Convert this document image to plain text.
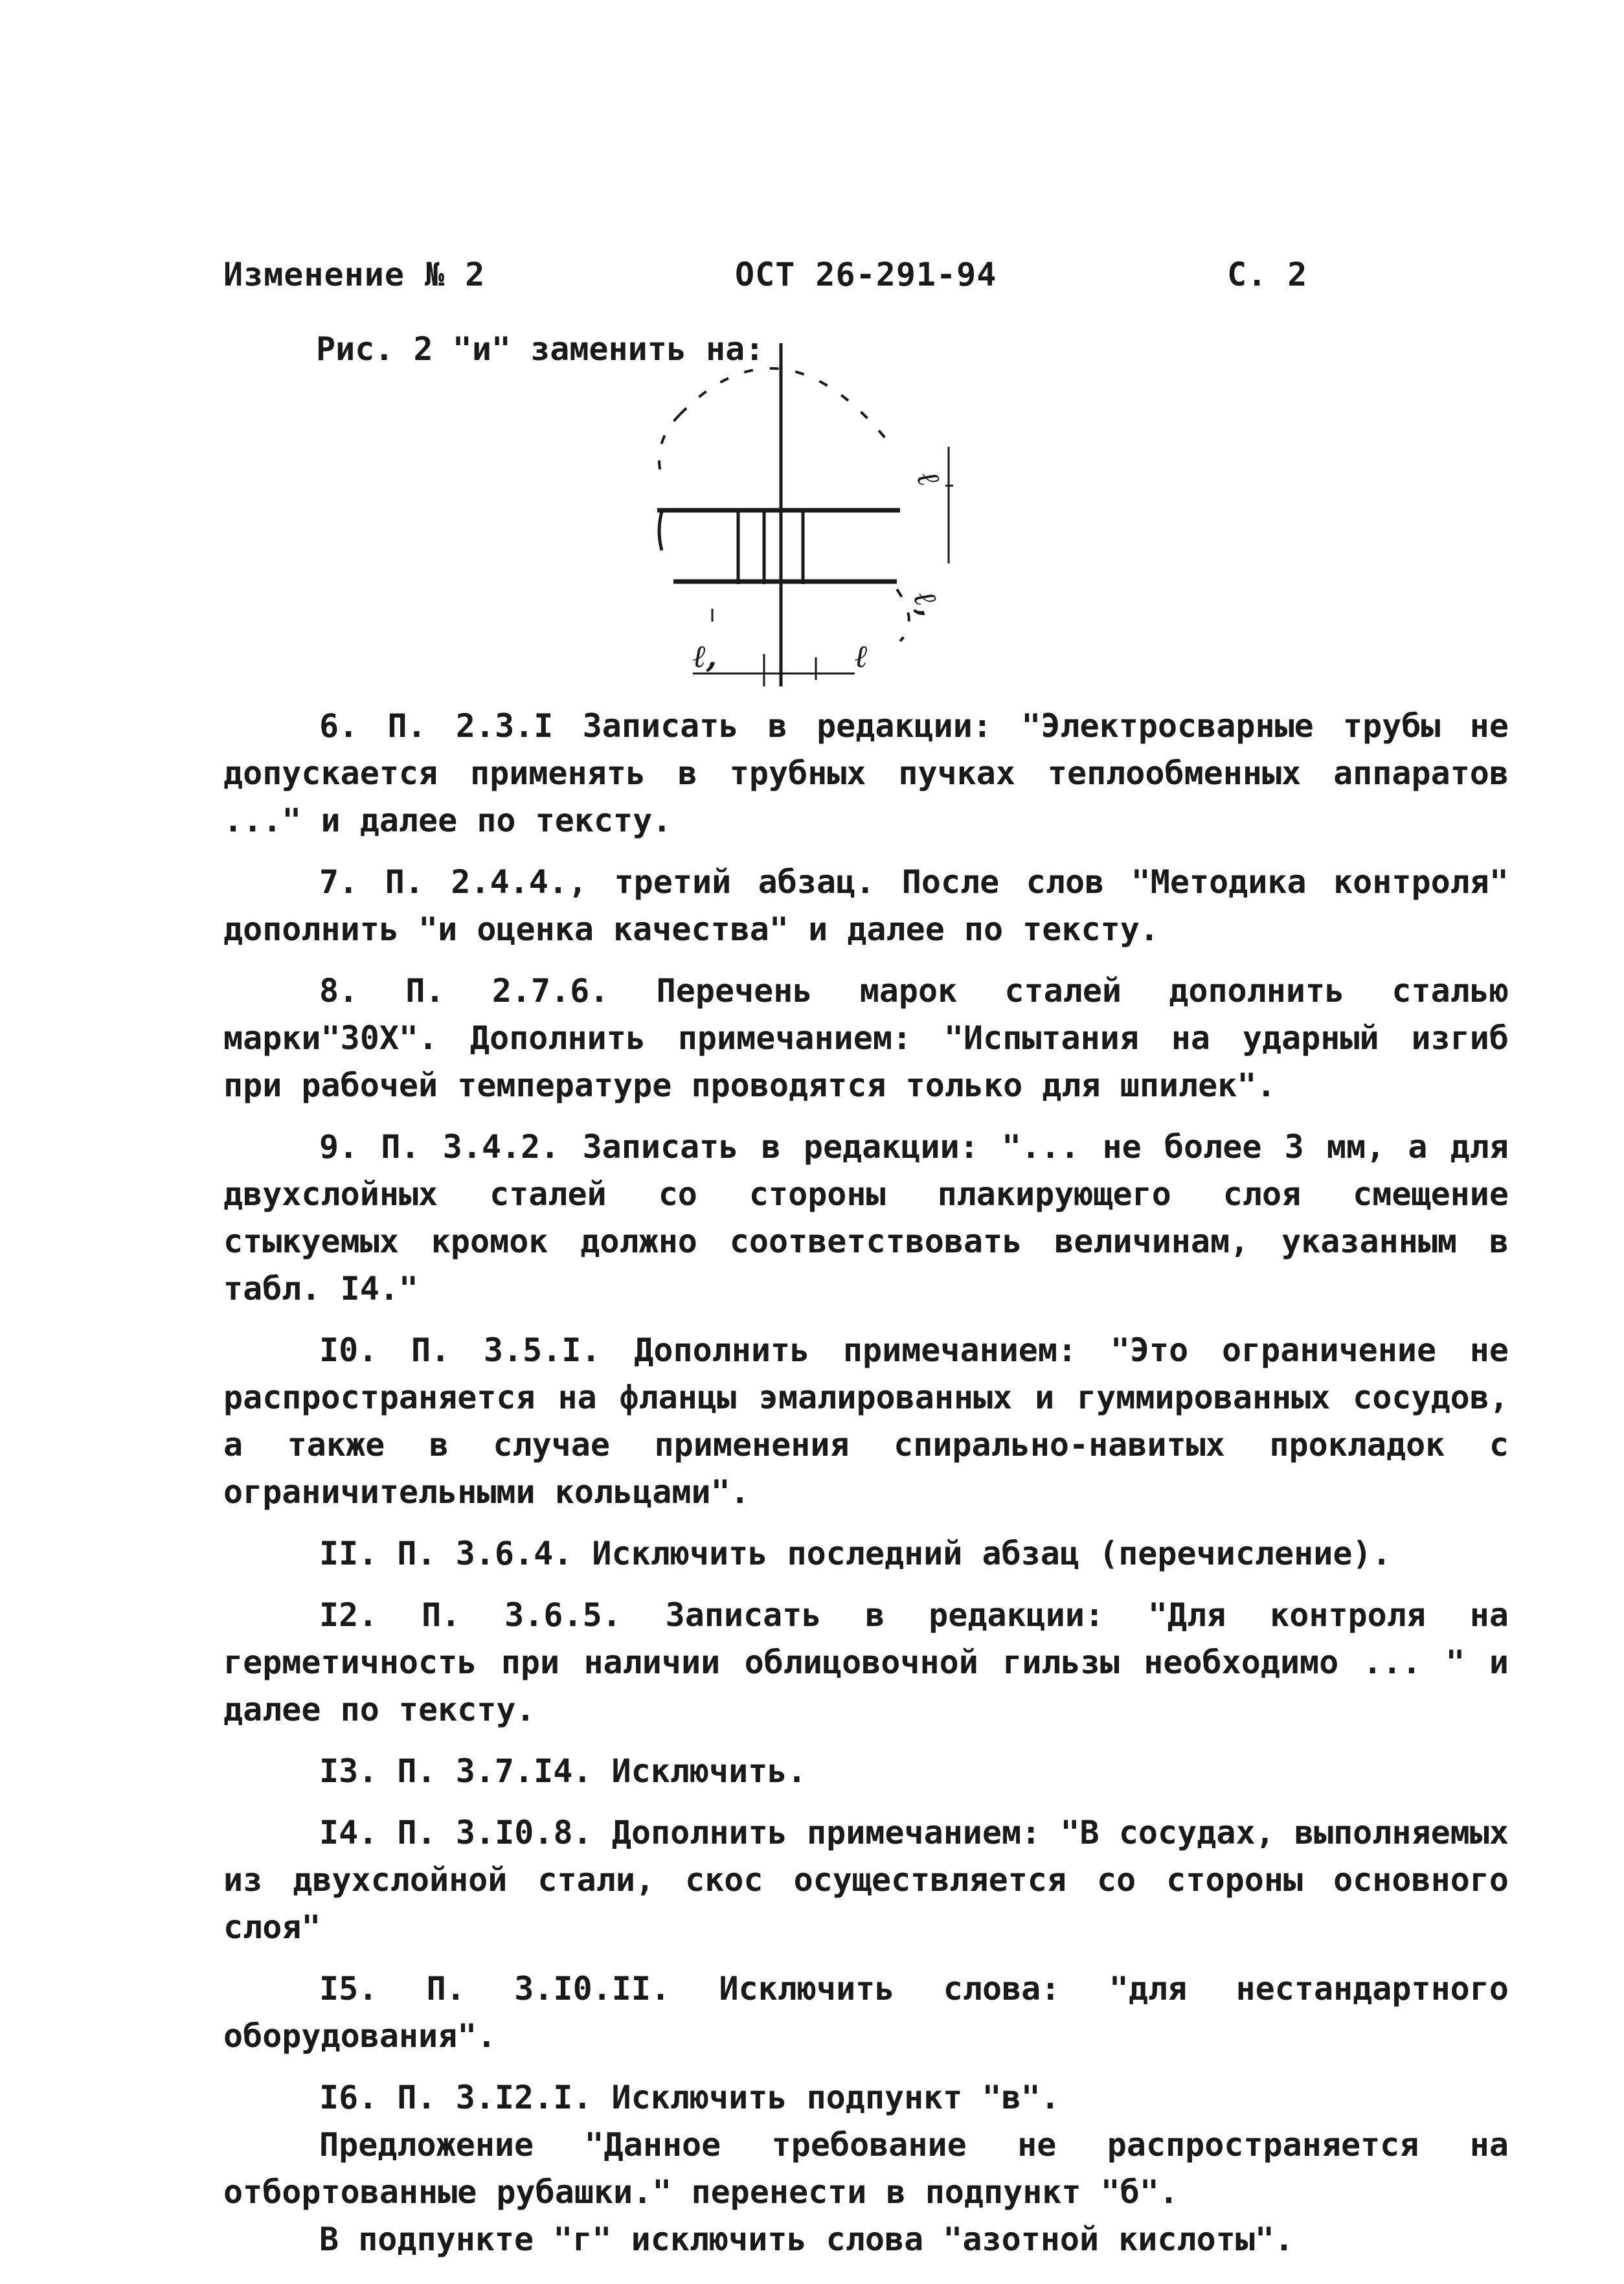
Изменение № 2	ОСТ 26-291-94	С. 2
Рис. 2 "и" заменить на:
ℓ
ℓ,
ℓ,	ℓ

6. П. 2.3.I Записать в редакции: "Электросварные трубы не допускается применять в трубных пучках теплообменных аппаратов ..." и далее по тексту.

7. П. 2.4.4., третий абзац. После слов "Методика контроля" дополнить "и оценка качества" и далее по тексту.

8. П. 2.7.6. Перечень марок сталей дополнить сталью марки"30Х". Дополнить примечанием: "Испытания на ударный изгиб при рабочей температуре проводятся только для шпилек".

9. П. 3.4.2. Записать в редакции: "... не более 3 мм, а для двухслойных сталей со стороны плакирующего слоя смещение стыкуемых кромок должно соответствовать величинам, указанным в табл. I4."

I0. П. 3.5.I. Дополнить примечанием: "Это ограничение не распространяется на фланцы эмалированных и гуммированных сосудов, а также в случае применения спирально-навитых прокладок с ограничительными кольцами".

II. П. 3.6.4. Исключить последний абзац (перечисление).

I2. П. 3.6.5. Записать в редакции: "Для контроля на герметичность при наличии облицовочной гильзы необходимо ... " и далее по тексту.

I3. П. 3.7.I4. Исключить.

I4. П. 3.I0.8. Дополнить примечанием: "В сосудах, выполняемых из двухслойной стали, скос осуществляется со стороны основного слоя"

I5. П. 3.I0.II. Исключить слова: "для нестандартного оборудования".

I6. П. 3.I2.I. Исключить подпункт "в".

Предложение "Данное требование не распространяется на отбортованные рубашки." перенести в подпункт "б".

В подпункте "г" исключить слова "азотной кислоты".
